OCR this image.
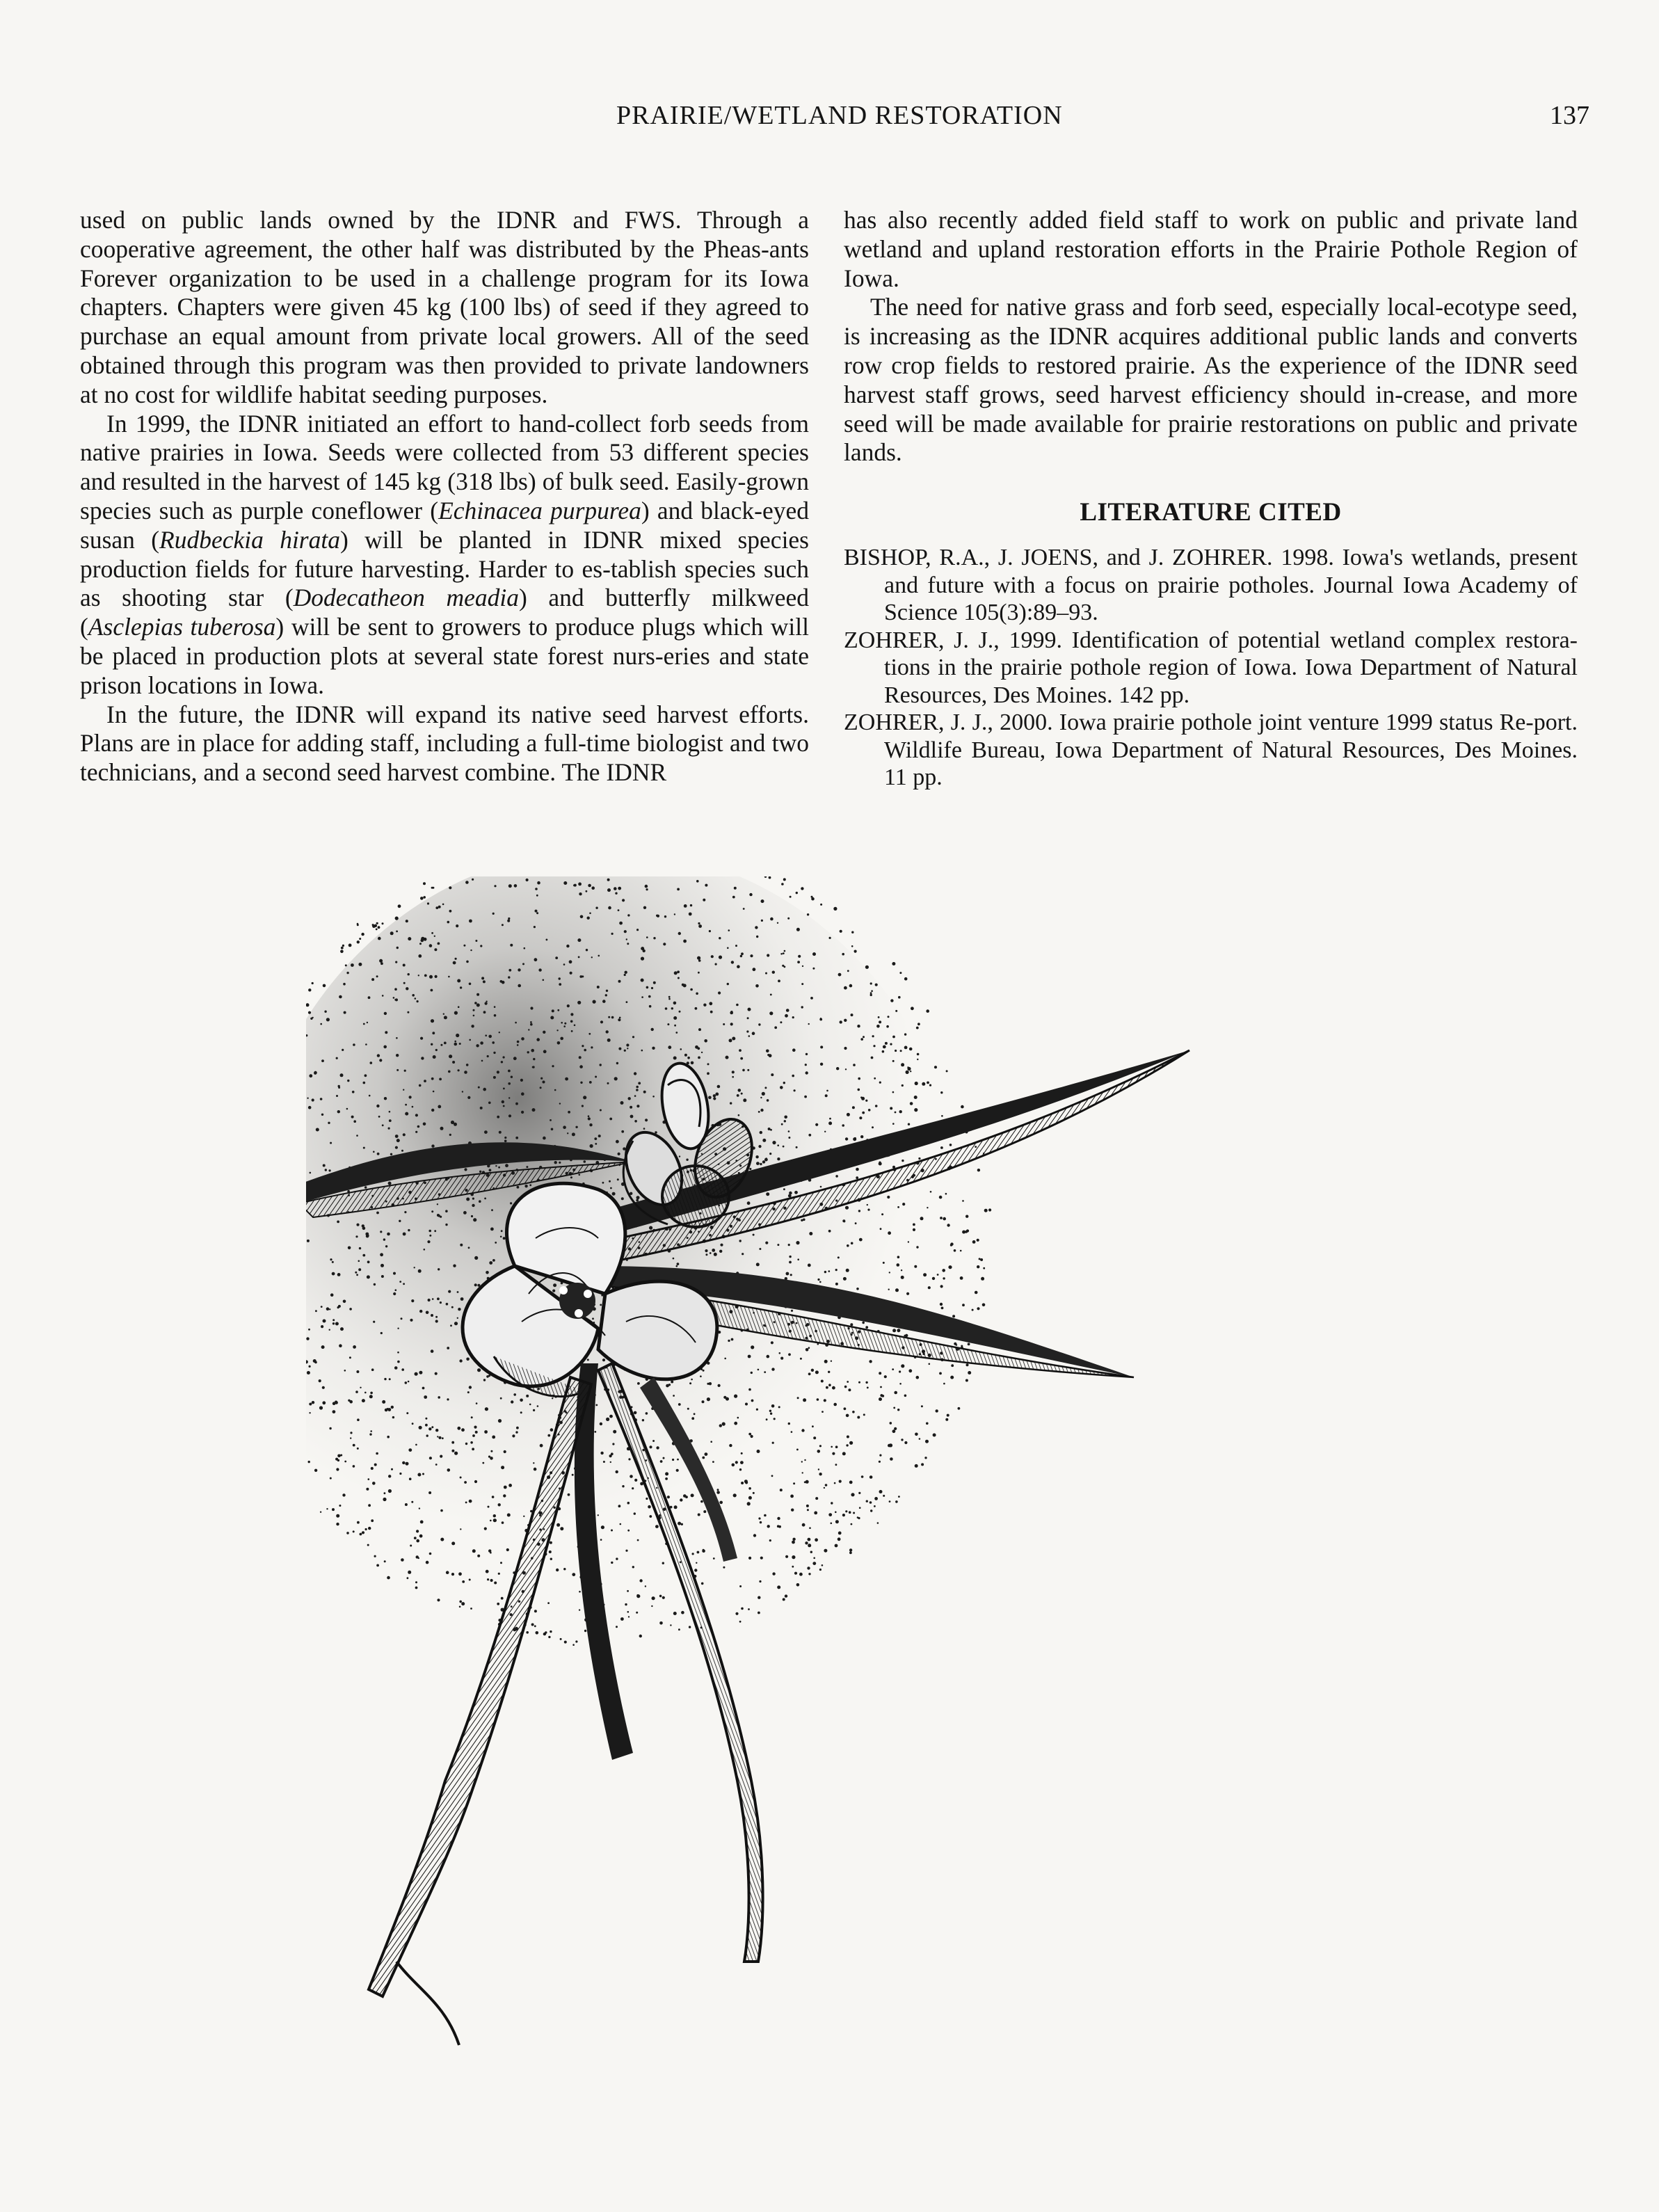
PRAIRIE/WETLAND RESTORATION	137

used on public lands owned by the IDNR and FWS. Through a cooperative agreement, the other half was distributed by the Pheas-ants Forever organization to be used in a challenge program for its Iowa chapters. Chapters were given 45 kg (100 lbs) of seed if they agreed to purchase an equal amount from private local growers. All of the seed obtained through this program was then provided to private landowners at no cost for wildlife habitat seeding purposes.

In 1999, the IDNR initiated an effort to hand-collect forb seeds from native prairies in Iowa. Seeds were collected from 53 different species and resulted in the harvest of 145 kg (318 lbs) of bulk seed. Easily-grown species such as purple coneflower (Echinacea purpurea) and black-eyed susan (Rudbeckia hirata) will be planted in IDNR mixed species production fields for future harvesting. Harder to es-tablish species such as shooting star (Dodecatheon meadia) and butterfly milkweed (Asclepias tuberosa) will be sent to growers to produce plugs which will be placed in production plots at several state forest nurs-eries and state prison locations in Iowa.

In the future, the IDNR will expand its native seed harvest efforts. Plans are in place for adding staff, including a full-time biologist and two technicians, and a second seed harvest combine. The IDNR

has also recently added field staff to work on public and private land wetland and upland restoration efforts in the Prairie Pothole Region of Iowa.

The need for native grass and forb seed, especially local-ecotype seed, is increasing as the IDNR acquires additional public lands and converts row crop fields to restored prairie. As the experience of the IDNR seed harvest staff grows, seed harvest efficiency should in-crease, and more seed will be made available for prairie restorations on public and private lands.

LITERATURE CITED

BISHOP, R.A., J. JOENS, and J. ZOHRER. 1998. Iowa's wetlands, present and future with a focus on prairie potholes. Journal Iowa Academy of Science 105(3):89–93.

ZOHRER, J. J., 1999. Identification of potential wetland complex restora-tions in the prairie pothole region of Iowa. Iowa Department of Natural Resources, Des Moines. 142 pp.

ZOHRER, J. J., 2000. Iowa prairie pothole joint venture 1999 status Re-port. Wildlife Bureau, Iowa Department of Natural Resources, Des Moines. 11 pp.
